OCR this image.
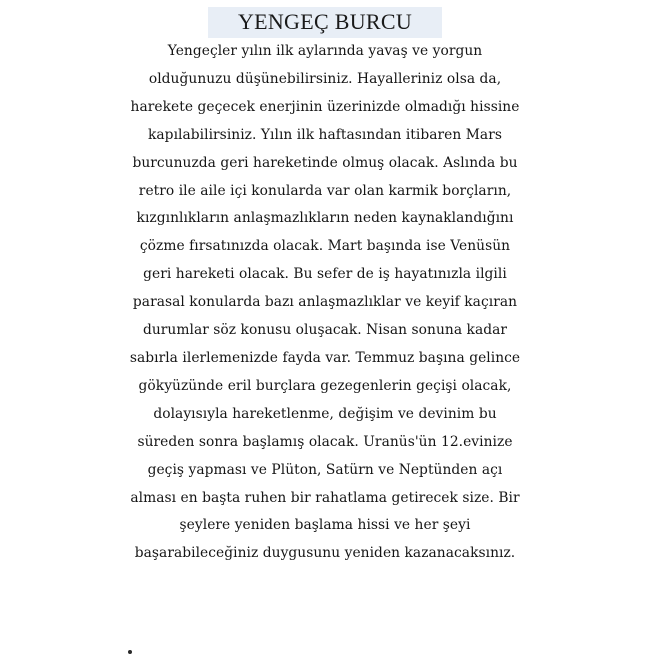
YENGEÇ BURCU
Yengeçler yılın ilk aylarında yavaş ve yorgun
olduğunuzu düşünebilirsiniz. Hayalleriniz olsa da,
harekete geçecek enerjinin üzerinizde olmadığı hissine
kapılabilirsiniz. Yılın ilk haftasından itibaren Mars
burcunuzda geri hareketinde olmuş olacak. Aslında bu
retro ile aile içi konularda var olan karmik borçların,
kızgınlıkların anlaşmazlıkların neden kaynaklandığını
çözme fırsatınızda olacak. Mart başında ise Venüsün
geri hareketi olacak. Bu sefer de iş hayatınızla ilgili
parasal konularda bazı anlaşmazlıklar ve keyif kaçıran
durumlar söz konusu oluşacak. Nisan sonuna kadar
sabırla ilerlemenizde fayda var. Temmuz başına gelince
gökyüzünde eril burçlara gezegenlerin geçişi olacak,
dolayısıyla hareketlenme, değişim ve devinim bu
süreden sonra başlamış olacak. Uranüs'ün 12.evinize
geçiş yapması ve Plüton, Satürn ve Neptünden açı
alması en başta ruhen bir rahatlama getirecek size. Bir
şeylere yeniden başlama hissi ve her şeyi
başarabileceğiniz duygusunu yeniden kazanacaksınız.
